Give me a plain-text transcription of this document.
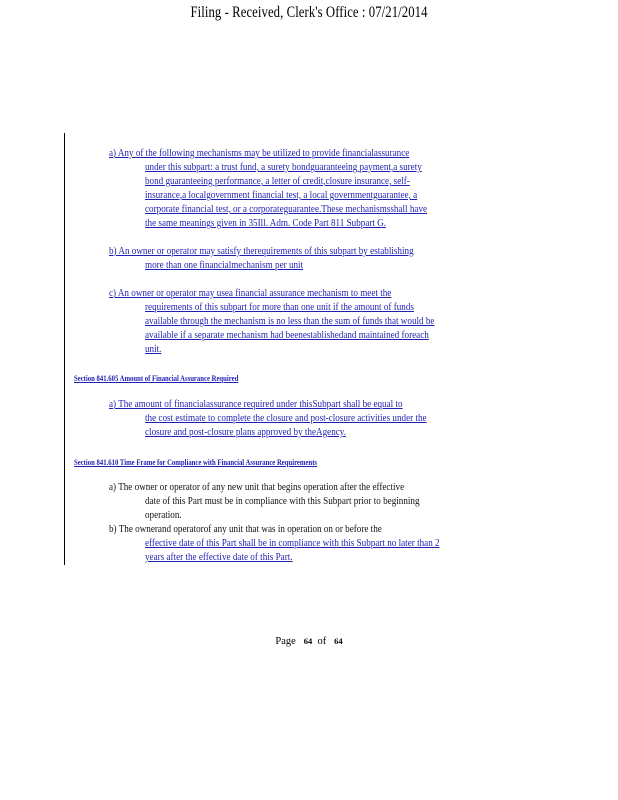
Filing - Received, Clerk's Office : 07/21/2014
a) Any of the following mechanisms may be utilized to provide financialassurance
under this subpart: a trust fund, a surety bondguaranteeing payment,a surety
bond guaranteeing performance, a letter of credit,closure insurance, self-
insurance,a localgovernment financial test, a local governmentguarantee, a
corporate financial test, or a corporateguarantee.These mechanismsshall have
the same meanings given in 35Ill. Adm. Code Part 811 Subpart G.
b) An owner or operator may satisfy therequirements of this subpart by establishing
more than one financialmechanism per unit
c) An owner or operator may usea financial assurance mechanism to meet the
requirements of this subpart for more than one unit if the amount of funds
available through the mechanism is no less than the sum of funds that would be
available if a separate mechanism had beenestablishedand maintained foreach
unit.
a) The amount of financialassurance required under thisSubpart shall be equal to
the cost estimate to complete the closure and post-closure activities under the
closure and post-closure plans approved by theAgency.
a) The owner or operator of any new unit that begins operation after the effective
date of this Part must be in compliance with this Subpart prior to beginning
operation.
b) The ownerand operatorof any unit that was in operation on or before the
effective date of this Part shall be in compliance with this Subpart no later than 2
years after the effective date of this Part.
Section 841.605 Amount of Financial Assurance Required
Section 841.610 Time Frame for Compliance with Financial Assurance Requirements
Page 64 of 64
